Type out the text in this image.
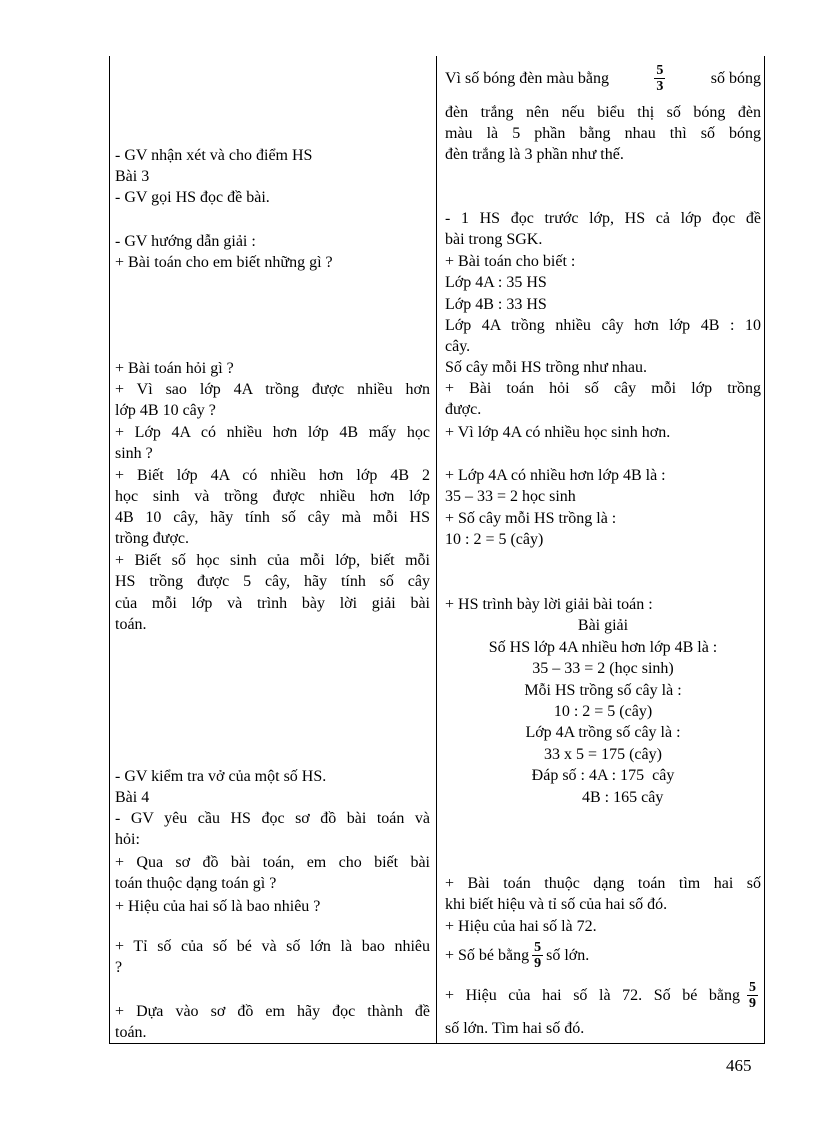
- GV nhận xét và cho điểm HS
Bài 3
- GV gọi HS đọc đề bài.
- GV hướng dẫn giải :
+ Bài toán cho em biết những gì ?
+ Bài toán hỏi gì ?
+ Vì sao lớp 4A trồng được nhiều hơn
lớp 4B 10 cây ?
+ Lớp 4A có nhiều hơn lớp 4B mấy học
sinh ?
+ Biết lớp 4A có nhiều hơn lớp 4B 2
học sinh và trồng được nhiều hơn lớp
4B 10 cây, hãy tính số cây mà mỗi HS
trồng được.
+ Biết số học sinh của mỗi lớp, biết mỗi
HS trồng được 5 cây, hãy tính số cây
của mỗi lớp và trình bày lời giải bài
toán.
- GV kiểm tra vở của một số HS.
Bài 4
- GV yêu cầu HS đọc sơ đồ bài toán và
hỏi:
+ Qua sơ đồ bài toán, em cho biết bài
toán thuộc dạng toán gì ?
+ Hiệu của hai số là bao nhiêu ?
+ Tỉ số của số bé và số lớn là bao nhiêu
?
+ Dựa vào sơ đồ em hãy đọc thành đề
toán.
Vì số bóng đèn màu bằng	$\frac{5}{3}$	số bóng
đèn trắng nên nếu biểu thị số bóng đèn
màu là 5 phần bằng nhau thì số bóng
đèn trắng là 3 phần như thế.
- 1 HS đọc trước lớp, HS cả lớp đọc đề
bài trong SGK.
+ Bài toán cho biết :
Lớp 4A : 35 HS
Lớp 4B : 33 HS
Lớp 4A trồng nhiều cây hơn lớp 4B : 10
cây.
Số cây mỗi HS trồng như nhau.
+ Bài toán hỏi số cây mỗi lớp trồng
được.
+ Vì lớp 4A có nhiều học sinh hơn.
+ Lớp 4A có nhiều hơn lớp 4B là :
35 – 33 = 2 học sinh
+ Số cây mỗi HS trồng là :
10 : 2 = 5 (cây)
+ HS trình bày lời giải bài toán :
Bài giải
Số HS lớp 4A nhiều hơn lớp 4B là :
35 – 33 = 2 (học sinh)
Mỗi HS trồng số cây là :
10 : 2 = 5 (cây)
Lớp 4A trồng số cây là :
33 x 5 = 175 (cây)
Đáp số : 4A : 175  cây
4B : 165 cây
+ Bài toán thuộc dạng toán tìm hai số
khi biết hiệu và tỉ số của hai số đó.
+ Hiệu của hai số là 72.
+ Số bé bằng $\frac{5}{9}$ số lớn.
+ Hiệu của hai số là 72. Số bé bằng $\frac{5}{9}$
số lớn. Tìm hai số đó.
465
